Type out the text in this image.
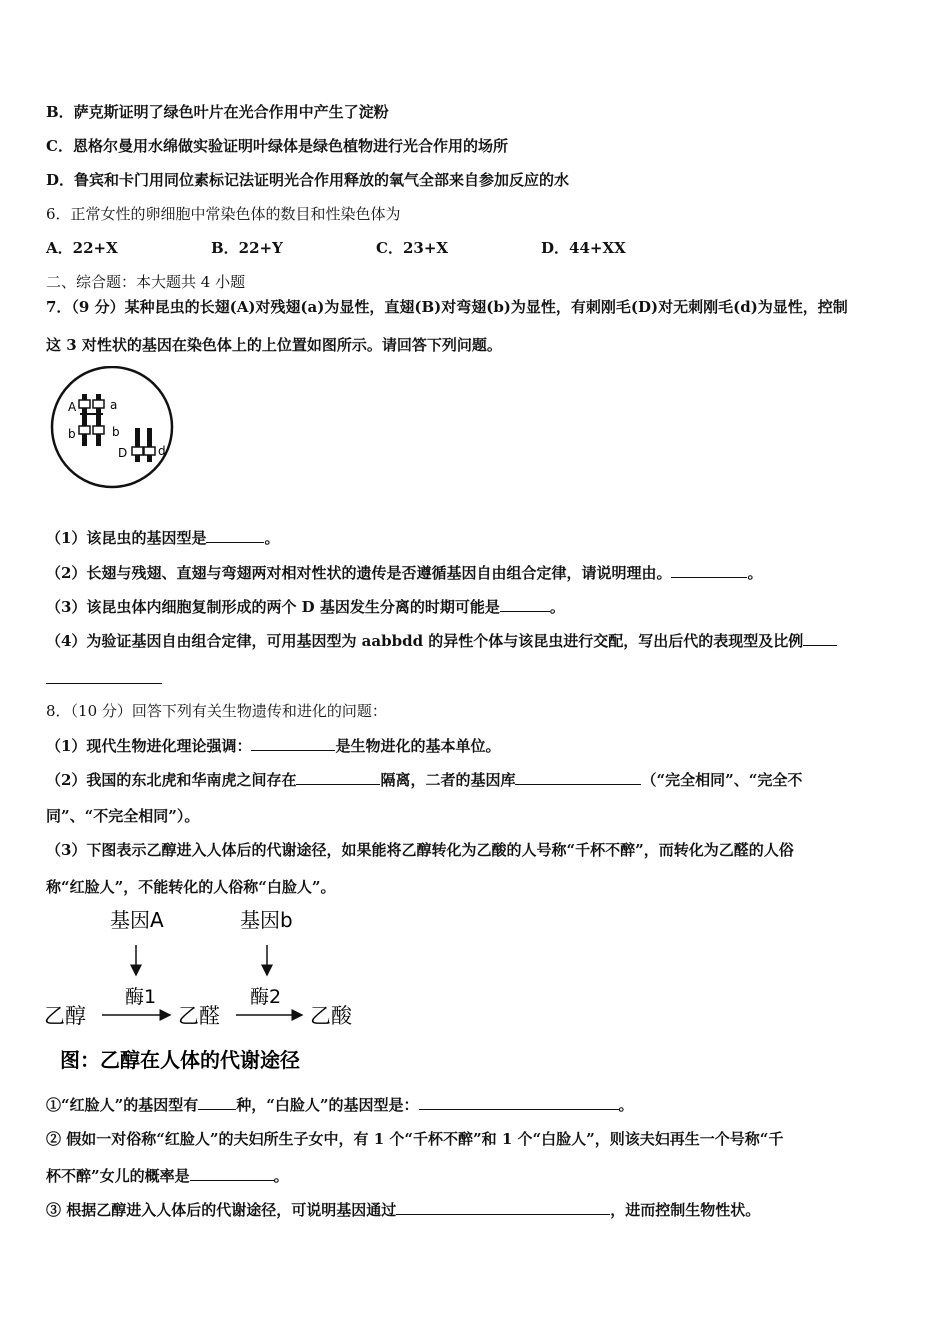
B．萨克斯证明了绿色叶片在光合作用中产生了淀粉
C．恩格尔曼用水绵做实验证明叶绿体是绿色植物进行光合作用的场所
D．鲁宾和卡门用同位素标记法证明光合作用释放的氧气全部来自参加反应的水
6．正常女性的卵细胞中常染色体的数目和性染色体为
A．22+X	B．22+Y	C．23+X	D．44+XX
二、综合题：本大题共 4 小题
7．（9 分）某种昆虫的长翅(A)对残翅(a)为显性，直翅(B)对弯翅(b)为显性，有刺刚毛(D)对无刺刚毛(d)为显性，控制
这 3 对性状的基因在染色体上的上位置如图所示。请回答下列问题。
A	a
b	b
D	d
（1）该昆虫的基因型是	。
（2）长翅与残翅、直翅与弯翅两对相对性状的遗传是否遵循基因自由组合定律，请说明理由。	。
（3）该昆虫体内细胞复制形成的两个 D 基因发生分离的时期可能是	。
（4）为验证基因自由组合定律，可用基因型为 aabbdd 的异性个体与该昆虫进行交配，写出后代的表现型及比例
8．（10 分）回答下列有关生物遗传和进化的问题：
（1）现代生物进化理论强调：	是生物进化的基本单位。
（2）我国的东北虎和华南虎之间存在	隔离，二者的基因库	（“完全相同”、“完全不
同”、“不完全相同”）。
（3）下图表示乙醇进入人体后的代谢途径，如果能将乙醇转化为乙酸的人号称“千杯不醉”，而转化为乙醛的人俗
称“红脸人”，不能转化的人俗称“白脸人”。
基因A	基因b
酶1	酶2
乙醇	乙醛	乙酸
图：乙醇在人体的代谢途径
①“红脸人”的基因型有	种，“白脸人”的基因型是：	。
② 假如一对俗称“红脸人”的夫妇所生子女中，有 1 个“千杯不醉”和 1 个“白脸人”，则该夫妇再生一个号称“千
杯不醉”女儿的概率是	。
③ 根据乙醇进入人体后的代谢途径，可说明基因通过	，进而控制生物性状。
